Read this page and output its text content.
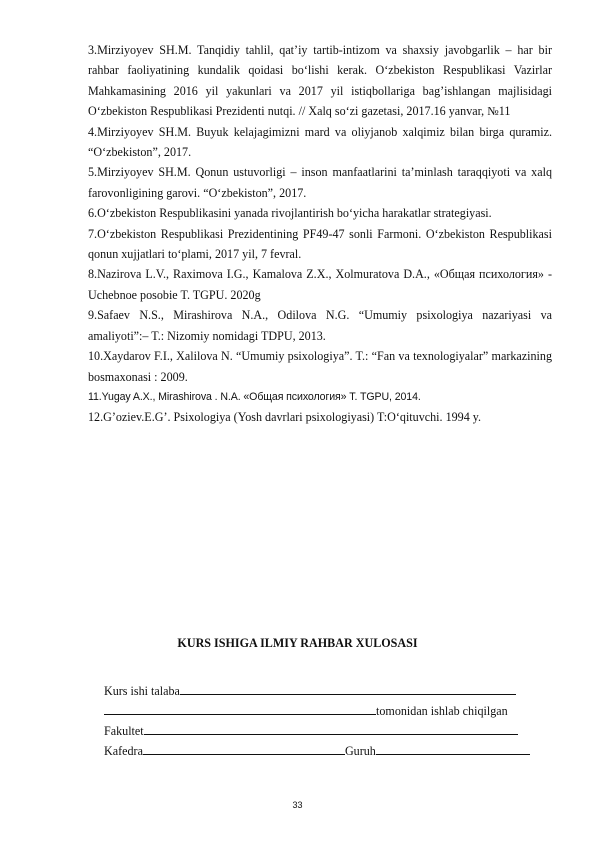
3.Mirziyoyev SH.M. Tanqidiy tahlil, qat’iy tartib-intizom va shaxsiy javobgarlik – har bir rahbar faoliyatining kundalik qoidasi bo‘lishi kerak. O‘zbekiston Respublikasi Vazirlar Mahkamasining 2016 yil yakunlari va 2017 yil istiqbollariga bag’ishlangan majlisidagi O‘zbekiston Respublikasi Prezidenti nutqi. // Xalq so‘zi gazetasi, 2017.16 yanvar, №11

4.Mirziyoyev SH.M. Buyuk kelajagimizni mard va oliyjanob xalqimiz bilan birga quramiz. “O‘zbekiston”, 2017.

5.Mirziyoyev SH.M. Qonun ustuvorligi – inson manfaatlarini ta’minlash taraqqiyoti va xalq farovonligining garovi. “O‘zbekiston”, 2017.

6.O‘zbekiston Respublikasini yanada rivojlantirish bo‘yicha harakatlar strategiyasi.

7.O‘zbekiston Respublikasi Prezidentining PF49-47 sonli Farmoni. O‘zbekiston Respublikasi qonun xujjatlari to‘plami, 2017 yil, 7 fevral.

8.Nazirova L.V., Raximova I.G., Kamalova Z.X., Xolmuratova D.A., «Общая психология» - Uchebnoe posobie T. TGPU. 2020g

9.Safaev N.S., Mirashirova N.A., Odilova N.G. “Umumiy psixologiya nazariyasi va amaliyoti”:– T.: Nizomiy nomidagi TDPU, 2013.

10.Xaydarov F.I., Xalilova N. “Umumiy psixologiya”. T.: “Fan va texnologiyalar” markazining bosmaxonasi : 2009.

11.Yugay A.X., Mirashirova . N.A. «Общая психология» T. TGPU, 2014.

12.G’oziev.E.G’. Psixologiya (Yosh davrlari psixologiyasi) T:O‘qituvchi. 1994 y.

KURS ISHIGA ILMIY RAHBAR XULOSASI

Kurs ishi talaba
tomonidan ishlab chiqilgan
Fakultet
Kafedra	Guruh

33
